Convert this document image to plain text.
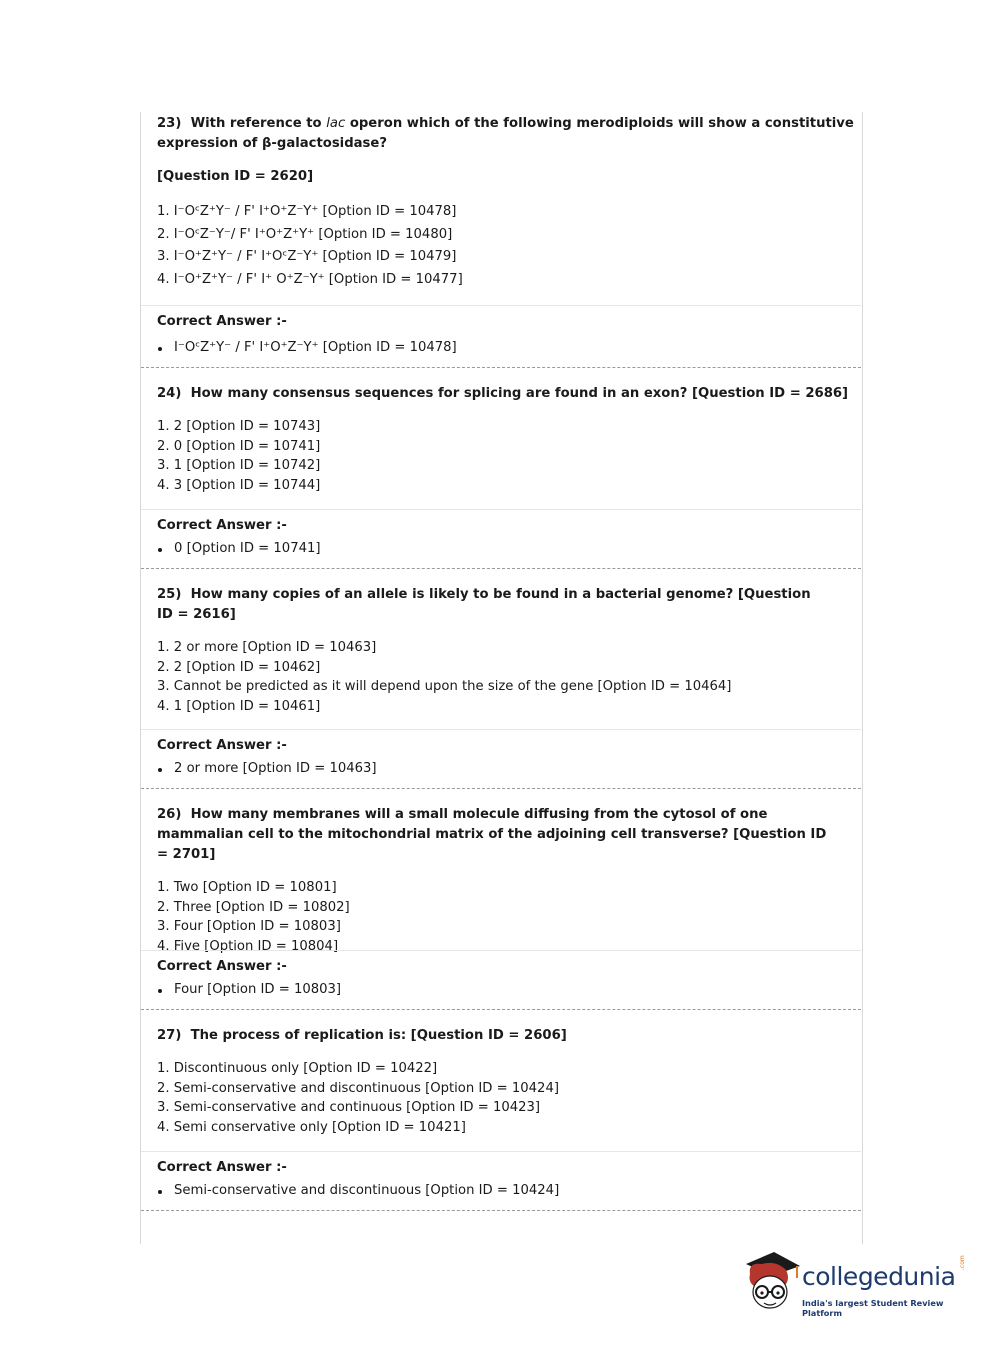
23) With reference to lac operon which of the following merodiploids will show a constitutive expression of β-galactosidase?

[Question ID = 2620]

1. I⁻OᶜZ⁺Y⁻ / F' I⁺O⁺Z⁻Y⁺ [Option ID = 10478]

2. I⁻OᶜZ⁻Y⁻/ F' I⁺O⁺Z⁺Y⁺ [Option ID = 10480]

3. I⁻O⁺Z⁺Y⁻ / F' I⁺OᶜZ⁻Y⁺ [Option ID = 10479]

4. I⁻O⁺Z⁺Y⁻ / F' I⁺ O⁺Z⁻Y⁺ [Option ID = 10477]

Correct Answer :-

I⁻OᶜZ⁺Y⁻ / F' I⁺O⁺Z⁻Y⁺ [Option ID = 10478]

24) How many consensus sequences for splicing are found in an exon? [Question ID = 2686]

1. 2 [Option ID = 10743]

2. 0 [Option ID = 10741]

3. 1 [Option ID = 10742]

4. 3 [Option ID = 10744]

Correct Answer :-

0 [Option ID = 10741]

25) How many copies of an allele is likely to be found in a bacterial genome? [Question ID = 2616]

1. 2 or more [Option ID = 10463]

2. 2 [Option ID = 10462]

3. Cannot be predicted as it will depend upon the size of the gene [Option ID = 10464]

4. 1 [Option ID = 10461]

Correct Answer :-

2 or more [Option ID = 10463]

26) How many membranes will a small molecule diffusing from the cytosol of one mammalian cell to the mitochondrial matrix of the adjoining cell transverse? [Question ID = 2701]

1. Two [Option ID = 10801]

2. Three [Option ID = 10802]

3. Four [Option ID = 10803]

4. Five [Option ID = 10804]

Correct Answer :-

Four [Option ID = 10803]

27) The process of replication is: [Question ID = 2606]

1. Discontinuous only [Option ID = 10422]

2. Semi-conservative and discontinuous [Option ID = 10424]

3. Semi-conservative and continuous [Option ID = 10423]

4. Semi conservative only [Option ID = 10421]

Correct Answer :-

Semi-conservative and discontinuous [Option ID = 10424]

collegedunia .com
India's largest Student Review Platform
